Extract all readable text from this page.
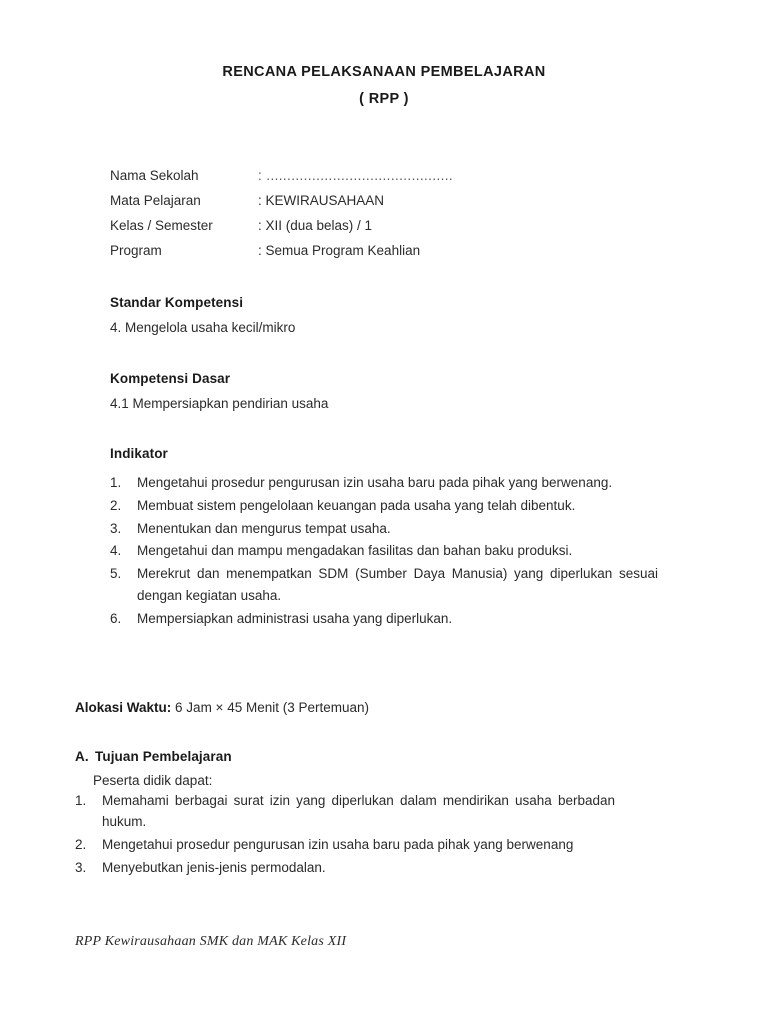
RENCANA PELAKSANAAN PEMBELAJARAN
( RPP )
Nama Sekolah	: .............................................
Mata Pelajaran	: KEWIRAUSAHAAN
Kelas / Semester	: XII (dua belas) / 1
Program	: Semua Program Keahlian
Standar Kompetensi
4. Mengelola usaha kecil/mikro
Kompetensi Dasar
4.1 Mempersiapkan pendirian usaha
Indikator
1.	Mengetahui prosedur pengurusan izin usaha baru pada pihak yang berwenang.
2.	Membuat sistem pengelolaan keuangan pada usaha yang telah dibentuk.
3.	Menentukan dan mengurus tempat usaha.
4.	Mengetahui dan mampu mengadakan fasilitas dan bahan baku produksi.
5.	Merekrut dan menempatkan SDM (Sumber Daya Manusia) yang diperlukan sesuai dengan kegiatan usaha.
6.	Mempersiapkan administrasi usaha yang diperlukan.
Alokasi Waktu: 6 Jam × 45 Menit (3 Pertemuan)
A. Tujuan Pembelajaran
Peserta didik dapat:
1.	Memahami berbagai surat izin yang diperlukan dalam mendirikan usaha berbadan hukum.
2.	Mengetahui prosedur pengurusan izin usaha baru pada pihak yang berwenang
3.	Menyebutkan jenis-jenis permodalan.
RPP Kewirausahaan SMK dan MAK Kelas XII
